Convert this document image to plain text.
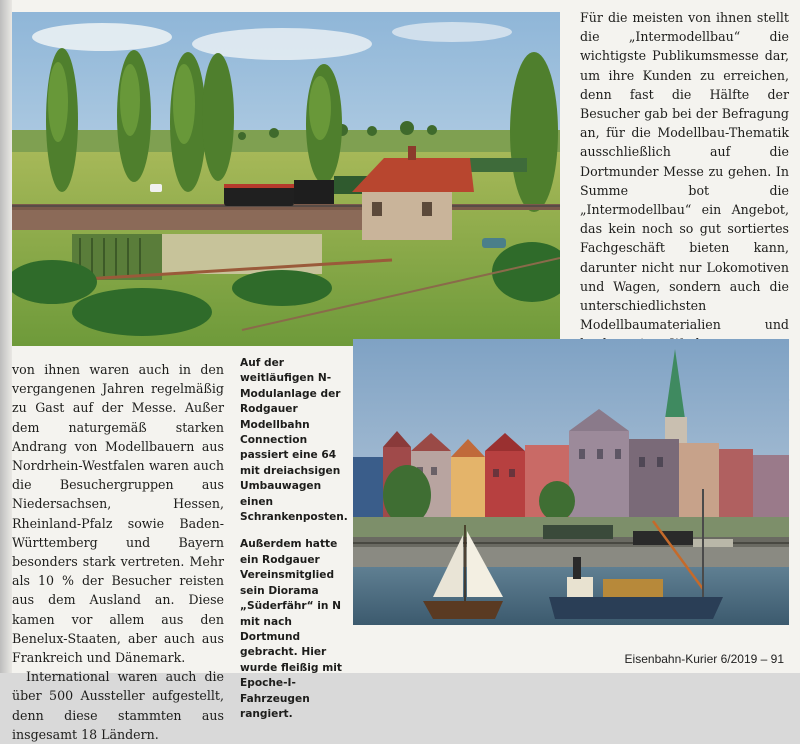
Für die meisten von ihnen stellt die „Intermodellbau“ die wichtigste Publikumsmesse dar, um ihre Kunden zu erreichen, denn fast die Hälfte der Besucher gab bei der Befragung an, für die Modellbau-Thematik ausschließlich auf die Dortmunder Messe zu gehen. In Summe bot die „Intermodellbau“ ein Angebot, das kein noch so gut sortiertes Fachgeschäft bieten kann, darunter nicht nur Lokomotiven und Wagen, sondern auch die unterschiedlichsten Modellbaumaterialien und

von ihnen waren auch in den vergangenen Jahren regelmäßig zu Gast auf der Messe. Außer dem naturgemäß starken Andrang von Modellbauern aus Nordrhein-Westfalen waren auch die Besuchergruppen aus Niedersachsen, Hessen, Rheinland-Pfalz sowie Baden-Württemberg und Bayern besonders stark vertreten. Mehr als 10 % der Besucher reisten aus dem Ausland an. Diese kamen vor allem aus den Benelux-Staaten, aber auch aus Frankreich und Dänemark.

International waren auch die über 500 Aussteller aufgestellt, denn diese stammten aus insgesamt 18 Ländern.

Auf der weitläufigen N-Modulanlage der Rodgauer Modellbahn Connection passiert eine 64 mit dreiachsigen Umbauwagen einen Schrankenposten.

Außerdem hatte ein Rodgauer Vereinsmitglied sein Diorama „Süderfähr“ in N mit nach Dortmund gebracht. Hier wurde fleißig mit Epoche-I-Fahrzeugen rangiert.

Eisenbahn-Kurier 6/2019 – 91
